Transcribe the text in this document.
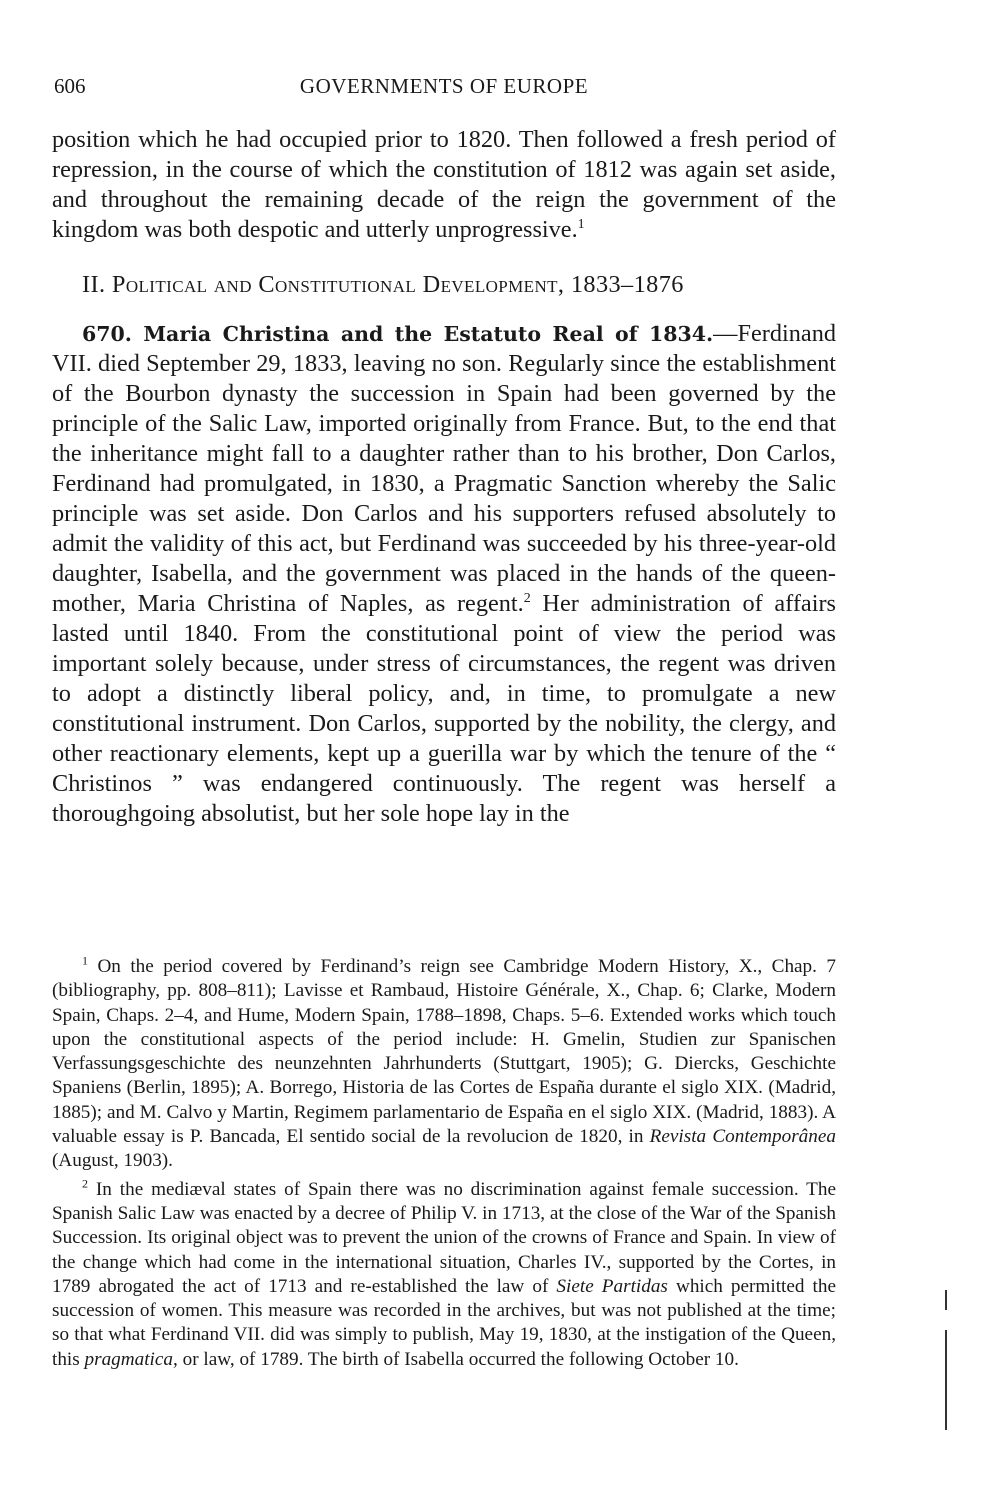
606	GOVERNMENTS OF EUROPE

position which he had occupied prior to 1820. Then followed a fresh period of repression, in the course of which the constitution of 1812 was again set aside, and throughout the remaining decade of the reign the government of the kingdom was both despotic and utterly unprogressive.$^1$

II. Political and Constitutional Development, 1833–1876

670. Maria Christina and the Estatuto Real of 1834.—Ferdinand VII. died September 29, 1833, leaving no son. Regularly since the establishment of the Bourbon dynasty the succession in Spain had been governed by the principle of the Salic Law, imported originally from France. But, to the end that the inheritance might fall to a daughter rather than to his brother, Don Carlos, Ferdinand had promulgated, in 1830, a Pragmatic Sanction whereby the Salic principle was set aside. Don Carlos and his supporters refused absolutely to admit the validity of this act, but Ferdinand was succeeded by his three-year-old daughter, Isabella, and the government was placed in the hands of the queen-mother, Maria Christina of Naples, as regent.$^2$ Her administration of affairs lasted until 1840. From the constitutional point of view the period was important solely because, under stress of circumstances, the regent was driven to adopt a distinctly liberal policy, and, in time, to promulgate a new constitutional instrument. Don Carlos, supported by the nobility, the clergy, and other reactionary elements, kept up a guerilla war by which the tenure of the “ Christinos ” was endangered continuously. The regent was herself a thoroughgoing absolutist, but her sole hope lay in the

$^1$ On the period covered by Ferdinand’s reign see Cambridge Modern History, X., Chap. 7 (bibliography, pp. 808–811); Lavisse et Rambaud, Histoire Générale, X., Chap. 6; Clarke, Modern Spain, Chaps. 2–4, and Hume, Modern Spain, 1788–1898, Chaps. 5–6. Extended works which touch upon the constitutional aspects of the period include: H. Gmelin, Studien zur Spanischen Verfassungsgeschichte des neunzehnten Jahrhunderts (Stuttgart, 1905); G. Diercks, Geschichte Spaniens (Berlin, 1895); A. Borrego, Historia de las Cortes de España durante el siglo XIX. (Madrid, 1885); and M. Calvo y Martin, Regimem parlamentario de España en el siglo XIX. (Madrid, 1883). A valuable essay is P. Bancada, El sentido social de la revolucion de 1820, in Revista Contemporânea (August, 1903).

$^2$ In the mediæval states of Spain there was no discrimination against female succession. The Spanish Salic Law was enacted by a decree of Philip V. in 1713, at the close of the War of the Spanish Succession. Its original object was to prevent the union of the crowns of France and Spain. In view of the change which had come in the international situation, Charles IV., supported by the Cortes, in 1789 abrogated the act of 1713 and re-established the law of Siete Partidas which permitted the succession of women. This measure was recorded in the archives, but was not published at the time; so that what Ferdinand VII. did was simply to publish, May 19, 1830, at the instigation of the Queen, this pragmatica, or law, of 1789. The birth of Isabella occurred the following October 10.
